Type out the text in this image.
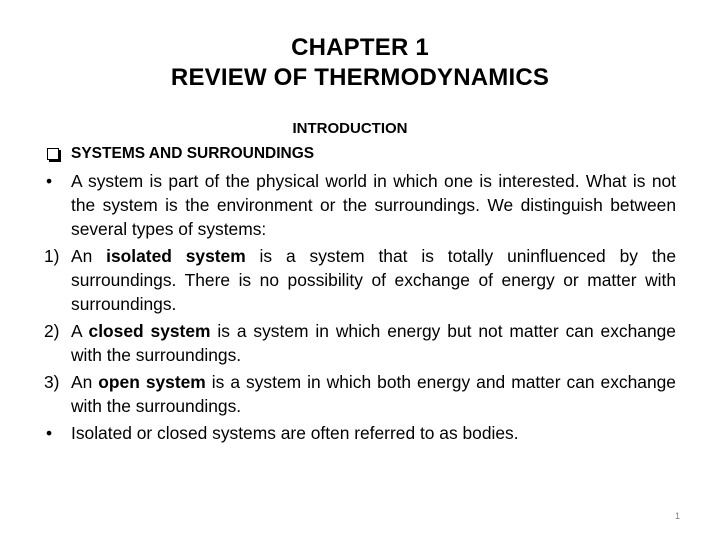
CHAPTER 1
REVIEW OF THERMODYNAMICS
INTRODUCTION
SYSTEMS AND SURROUNDINGS
• A system is part of the physical world in which one is interested. What is not the system is the environment or the surroundings. We distinguish between several types of systems:
1) An isolated system is a system that is totally uninfluenced by the surroundings. There is no possibility of exchange of energy or matter with surroundings.
2) A closed system is a system in which energy but not matter can exchange with the surroundings.
3) An open system is a system in which both energy and matter can exchange with the surroundings.
• Isolated or closed systems are often referred to as bodies.
1
